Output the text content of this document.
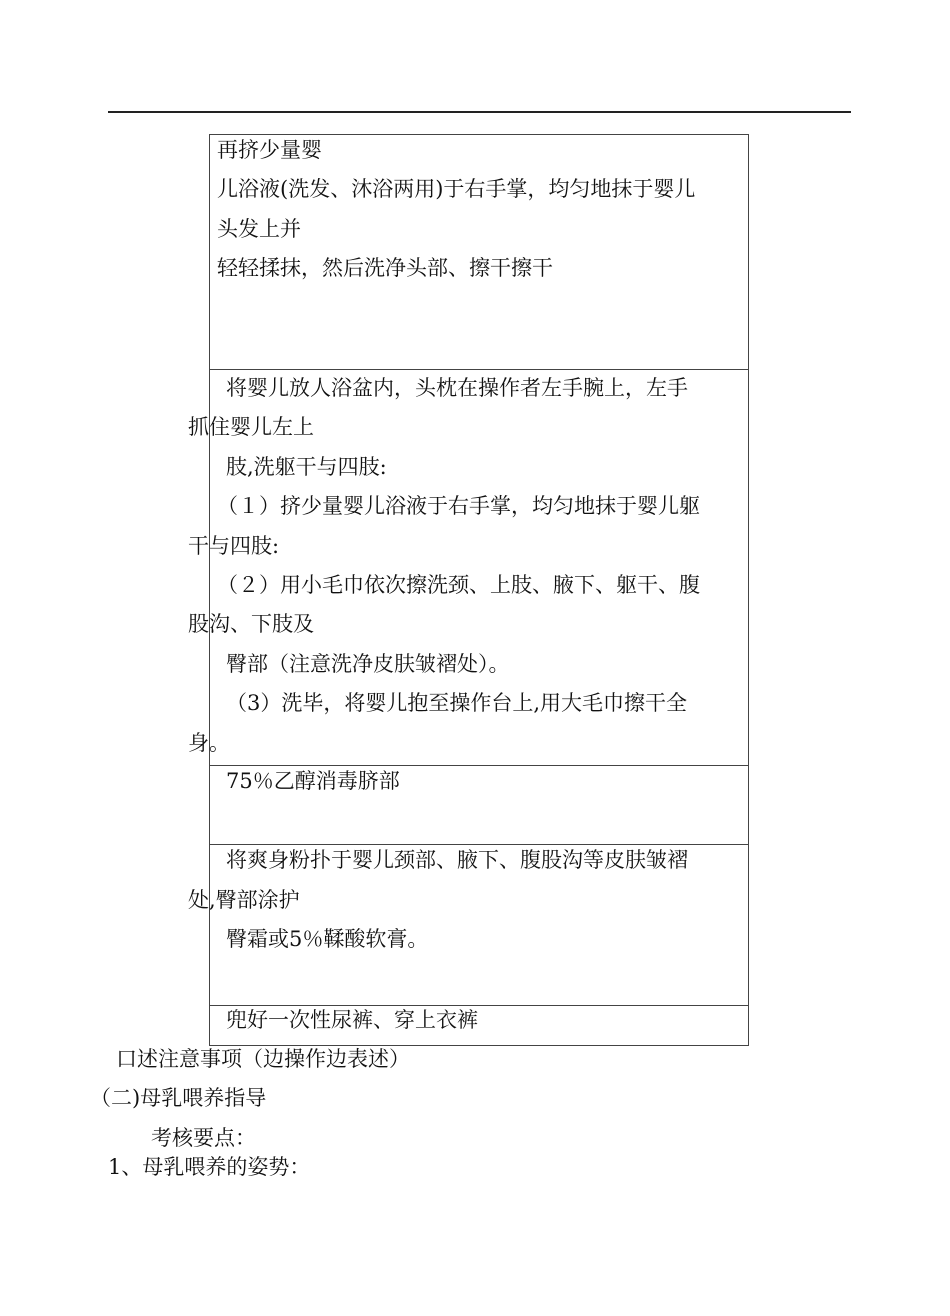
再挤少量婴
儿浴液(洗发、沐浴两用)于右手掌，均匀地抹于婴儿
头发上并
轻轻揉抹，然后洗净头部、擦干擦干
将婴儿放人浴盆内，头枕在操作者左手腕上，左手
抓住婴儿左上
肢,洗躯干与四肢:
（１）挤少量婴儿浴液于右手掌，均匀地抹于婴儿躯
干与四肢:
（２）用小毛巾依次擦洗颈、上肢、腋下、躯干、腹
股沟、下肢及
臀部（注意洗净皮肤皱褶处）。
（3）洗毕，将婴儿抱至操作台上,用大毛巾擦干全
身。
75％乙醇消毒脐部
将爽身粉扑于婴儿颈部、腋下、腹股沟等皮肤皱褶
处,臀部涂护
臀霜或5％鞣酸软膏。
兜好一次性尿裤、穿上衣裤
口述注意事项（边操作边表述）
（二)母乳喂养指导
考核要点：
1、母乳喂养的姿势：
